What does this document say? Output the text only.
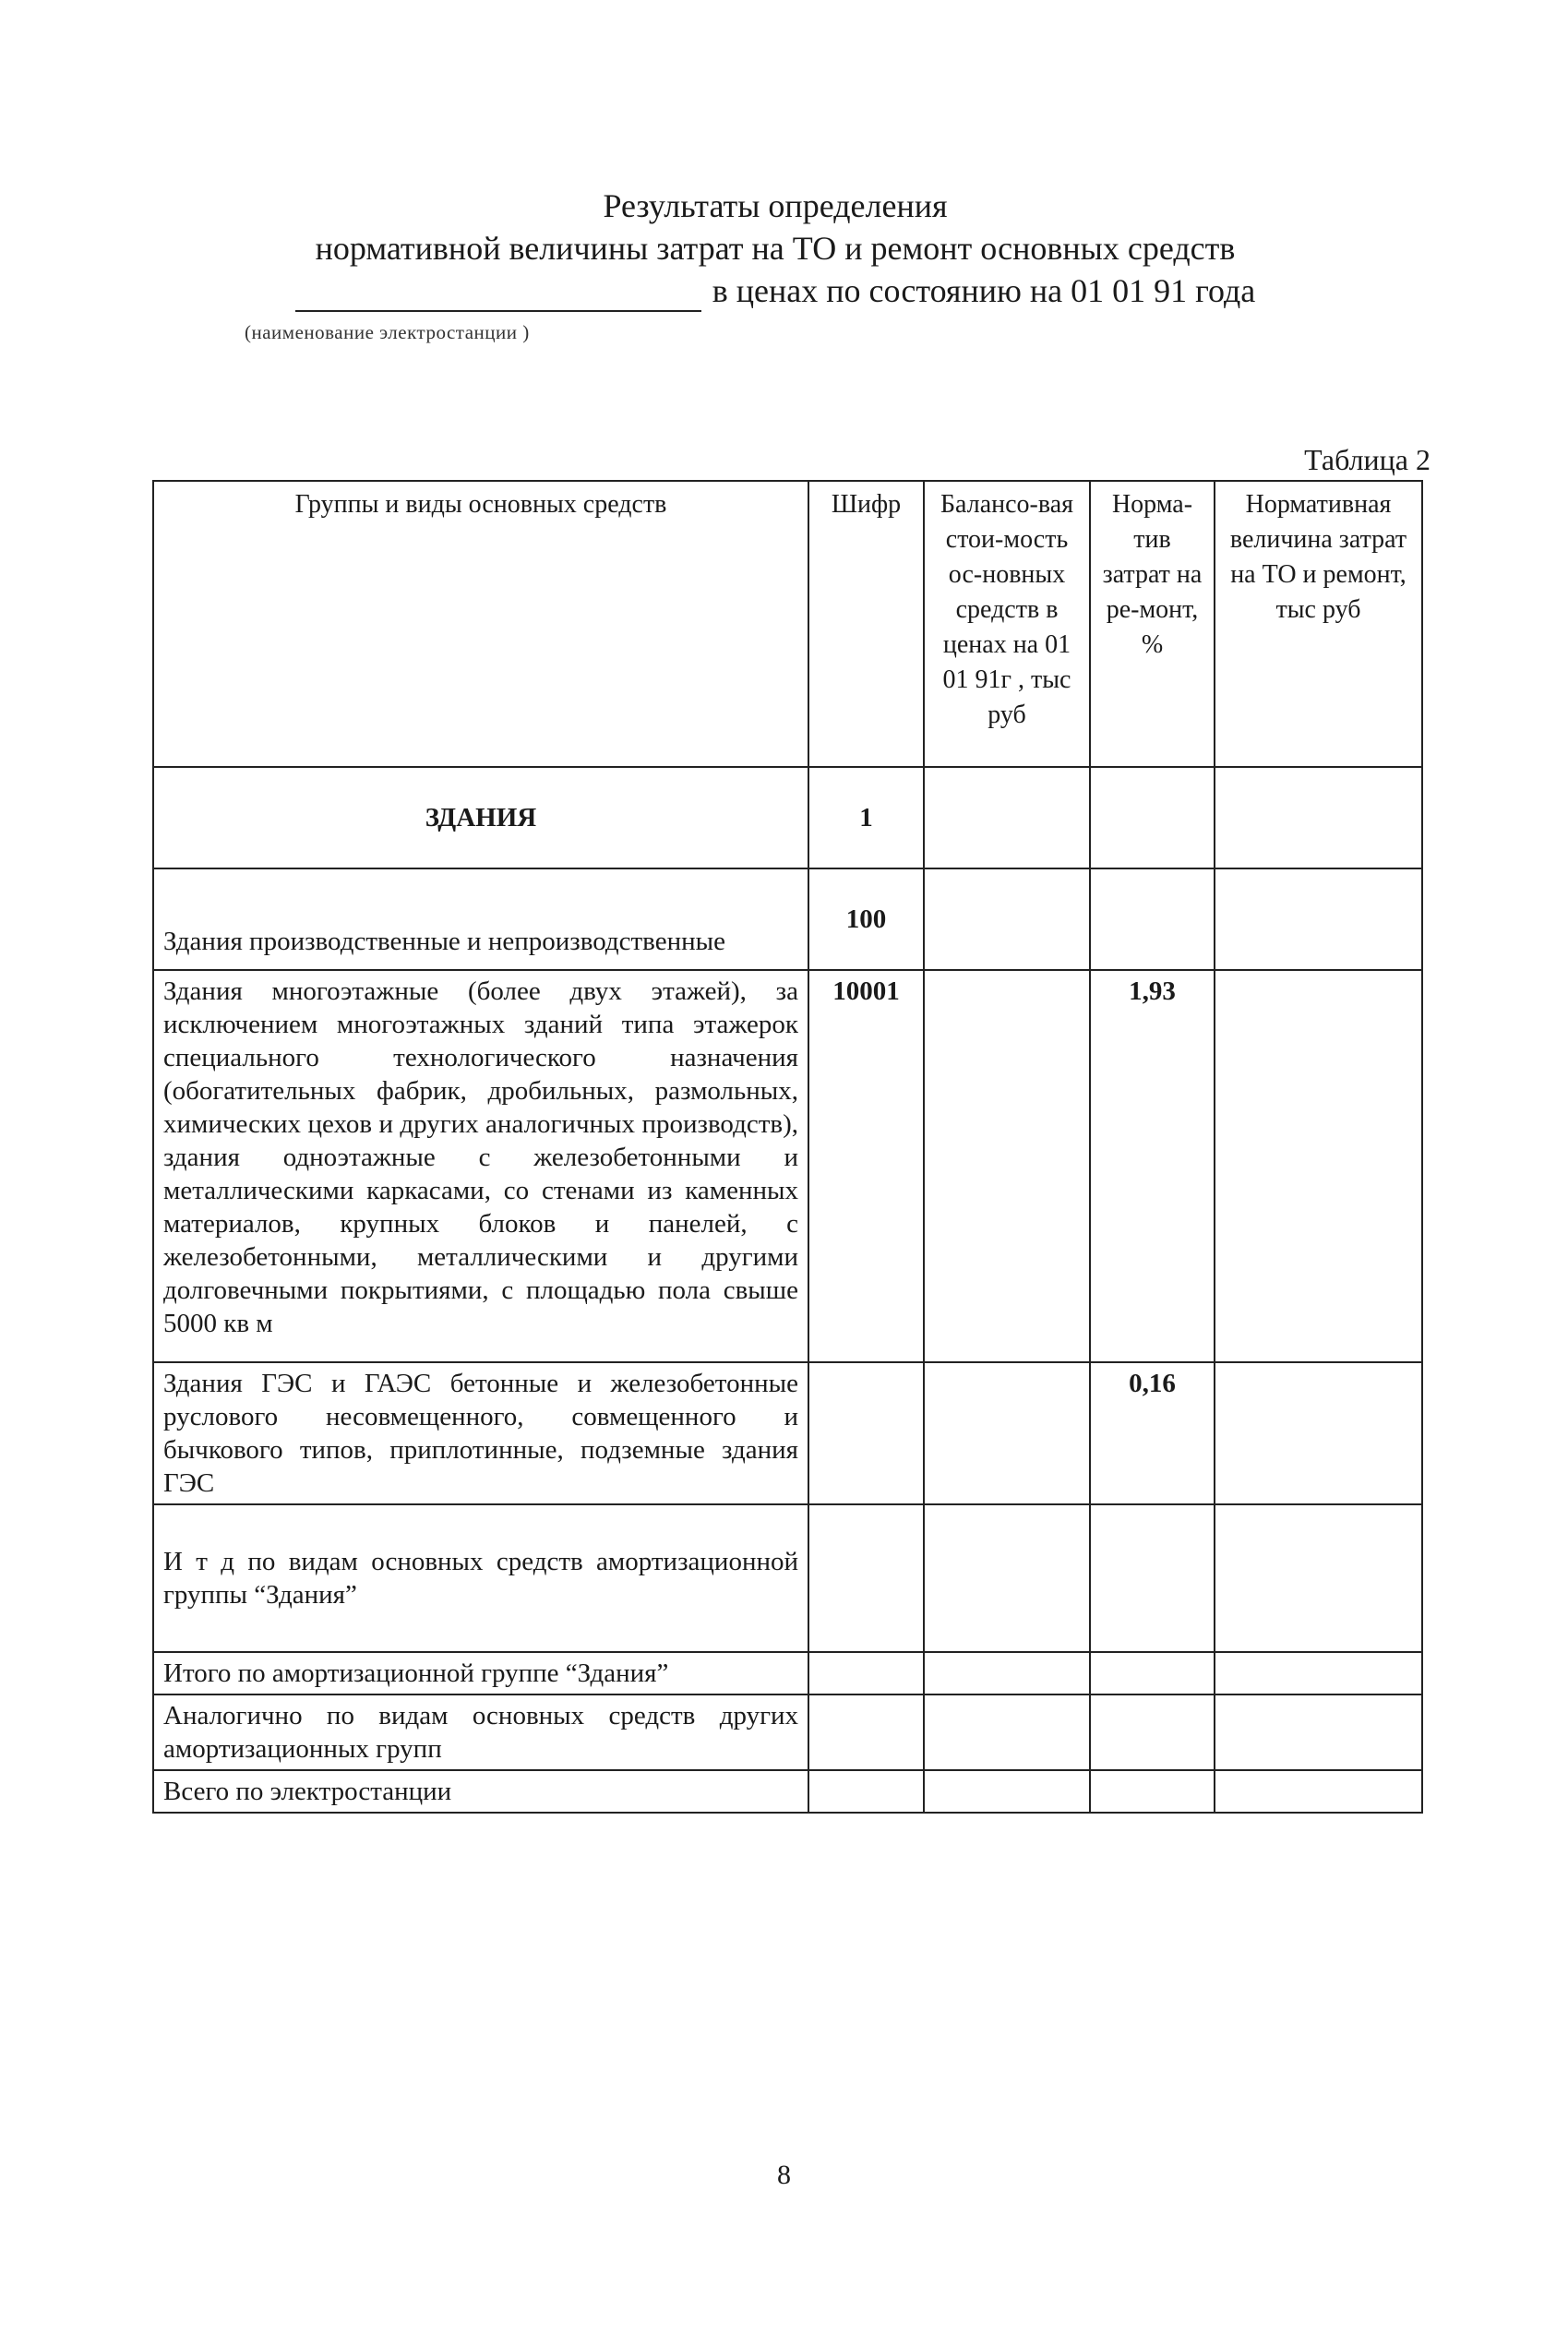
Результаты определения
нормативной величины затрат на ТО и ремонт основных средств
в ценах по состоянию на 01 01 91 года
(наименование электростанции )
Таблица 2
Группы и виды основных средств	Шифр	Балансо-вая стои-мость ос-новных средств в ценах на 01 01 91г , тыс руб	Норма-тив затрат на ре-монт, %	Нормативная величина затрат на ТО и ремонт, тыс руб
ЗДАНИЯ	1			
Здания производственные и непроизводственные	100			
Здания многоэтажные (более двух этажей), за исключением многоэтажных зданий типа этажерок специального технологического назначения (обогатительных фабрик, дробильных, размольных, химических цехов и других аналогичных производств), здания одноэтажные с железобетонными и металлическими каркасами, со стенами из каменных материалов, крупных блоков и панелей, с железобетонными, металлическими и другими долговечными покрытиями, с площадью пола свыше 5000 кв м	10001		1,93	
Здания ГЭС и ГАЭС бетонные и железобетонные руслового несовмещенного, совмещенного и бычкового типов, приплотинные, подземные здания ГЭС			0,16	
И т д по видам основных средств амортизационной группы “Здания”				
Итого по амортизационной группе “Здания”				
Аналогично по видам основных средств других амортизационных групп				
Всего по электростанции				
8
